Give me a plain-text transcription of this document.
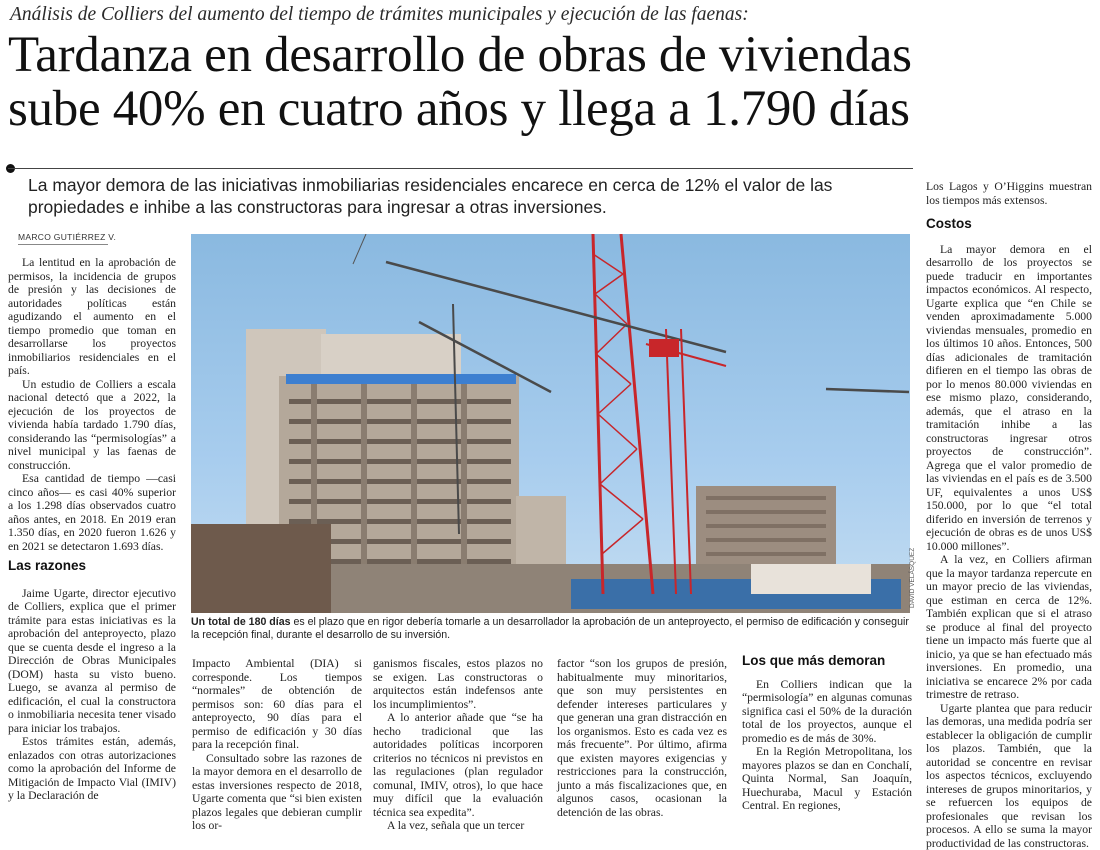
Análisis de Colliers del aumento del tiempo de trámites municipales y ejecución de las faenas:
Tardanza en desarrollo de obras de viviendas
sube 40% en cuatro años y llega a 1.790 días
La mayor demora de las iniciativas inmobiliarias residenciales encarece en cerca de 12% el valor de las propiedades e inhibe a las constructoras para ingresar a otras inversiones.
MARCO GUTIÉRREZ V.

La lentitud en la aprobación de permisos, la incidencia de grupos de presión y las decisiones de autoridades políticas están agudizando el aumento en el tiempo promedio que toman en desarrollarse los proyectos inmobiliarios residenciales en el país.

Un estudio de Colliers a escala nacional detectó que a 2022, la ejecución de los proyectos de vivienda había tardado 1.790 días, considerando las “permisologías” a nivel municipal y las faenas de construcción.

Esa cantidad de tiempo —casi cinco años— es casi 40% superior a los 1.298 días observados cuatro años antes, en 2018. En 2019 eran 1.350 días, en 2020 fueron 1.626 y en 2021 se detectaron 1.693 días.

Las razones

Jaime Ugarte, director ejecutivo de Colliers, explica que el primer trámite para estas iniciativas es la aprobación del anteproyecto, plazo que se cuenta desde el ingreso a la Dirección de Obras Municipales (DOM) hasta su visto bueno. Luego, se avanza al permiso de edificación, el cual la constructora o inmobiliaria necesita tener visado para iniciar los trabajos.

Estos trámites están, además, enlazados con otras autorizaciones como la aprobación del Informe de Mitigación de Impacto Vial (IMIV) y la Declaración de

DAVID VELÁSQUEZ
Un total de 180 días es el plazo que en rigor debería tomarle a un desarrollador la aprobación de un anteproyecto, el permiso de edificación y conseguir la recepción final, durante el desarrollo de su inversión.

Impacto Ambiental (DIA) si corresponde. Los tiempos “normales” de obtención de permisos son: 60 días para el anteproyecto, 90 días para el permiso de edificación y 30 días para la recepción final.

Consultado sobre las razones de la mayor demora en el desarrollo de estas inversiones respecto de 2018, Ugarte comenta que “si bien existen plazos legales que debieran cumplir los or-

ganismos fiscales, estos plazos no se exigen. Las constructoras o arquitectos están indefensos ante los incumplimientos”.

A lo anterior añade que “se ha hecho tradicional que las autoridades políticas incorporen criterios no técnicos ni previstos en las regulaciones (plan regulador comunal, IMIV, otros), lo que hace muy difícil que la evaluación técnica sea expedita”.

A la vez, señala que un tercer

factor “son los grupos de presión, habitualmente muy minoritarios, que son muy persistentes en defender intereses particulares y que generan una gran distracción en los organismos. Esto es cada vez es más frecuente”. Por último, afirma que existen mayores exigencias y restricciones para la construcción, junto a más fiscalizaciones que, en algunos casos, ocasionan la detención de las obras.

Los que más demoran

En Colliers indican que la “permisología” en algunas comunas significa casi el 50% de la duración total de los proyectos, aunque el promedio es de más de 30%.

En la Región Metropolitana, los mayores plazos se dan en Conchalí, Quinta Normal, San Joaquín, Huechuraba, Macul y Estación Central. En regiones,

Los Lagos y O’Higgins muestran los tiempos más extensos.

Costos

La mayor demora en el desarrollo de los proyectos se puede traducir en importantes impactos económicos. Al respecto, Ugarte explica que “en Chile se venden aproximadamente 5.000 viviendas mensuales, promedio en los últimos 10 años. Entonces, 500 días adicionales de tramitación difieren en el tiempo las obras de por lo menos 80.000 viviendas en ese mismo plazo, considerando, además, que el atraso en la tramitación inhibe a las constructoras ingresar otros proyectos de construcción”. Agrega que el valor promedio de las viviendas en el país es de 3.500 UF, equivalentes a unos US$ 150.000, por lo que “el total diferido en inversión de terrenos y ejecución de obras es de unos US$ 10.000 millones”.

A la vez, en Colliers afirman que la mayor tardanza repercute en un mayor precio de las viviendas, que estiman en cerca de 12%. También explican que si el atraso se produce al final del proyecto tiene un impacto más fuerte que al inicio, ya que se han efectuado más inversiones. En promedio, una iniciativa se encarece 2% por cada trimestre de retraso.

Ugarte plantea que para reducir las demoras, una medida podría ser establecer la obligación de cumplir los plazos. También, que la autoridad se concentre en revisar los aspectos técnicos, excluyendo intereses de grupos minoritarios, y se refuercen los equipos de profesionales que revisan los procesos. A ello se suma la mayor productividad de las constructoras.
